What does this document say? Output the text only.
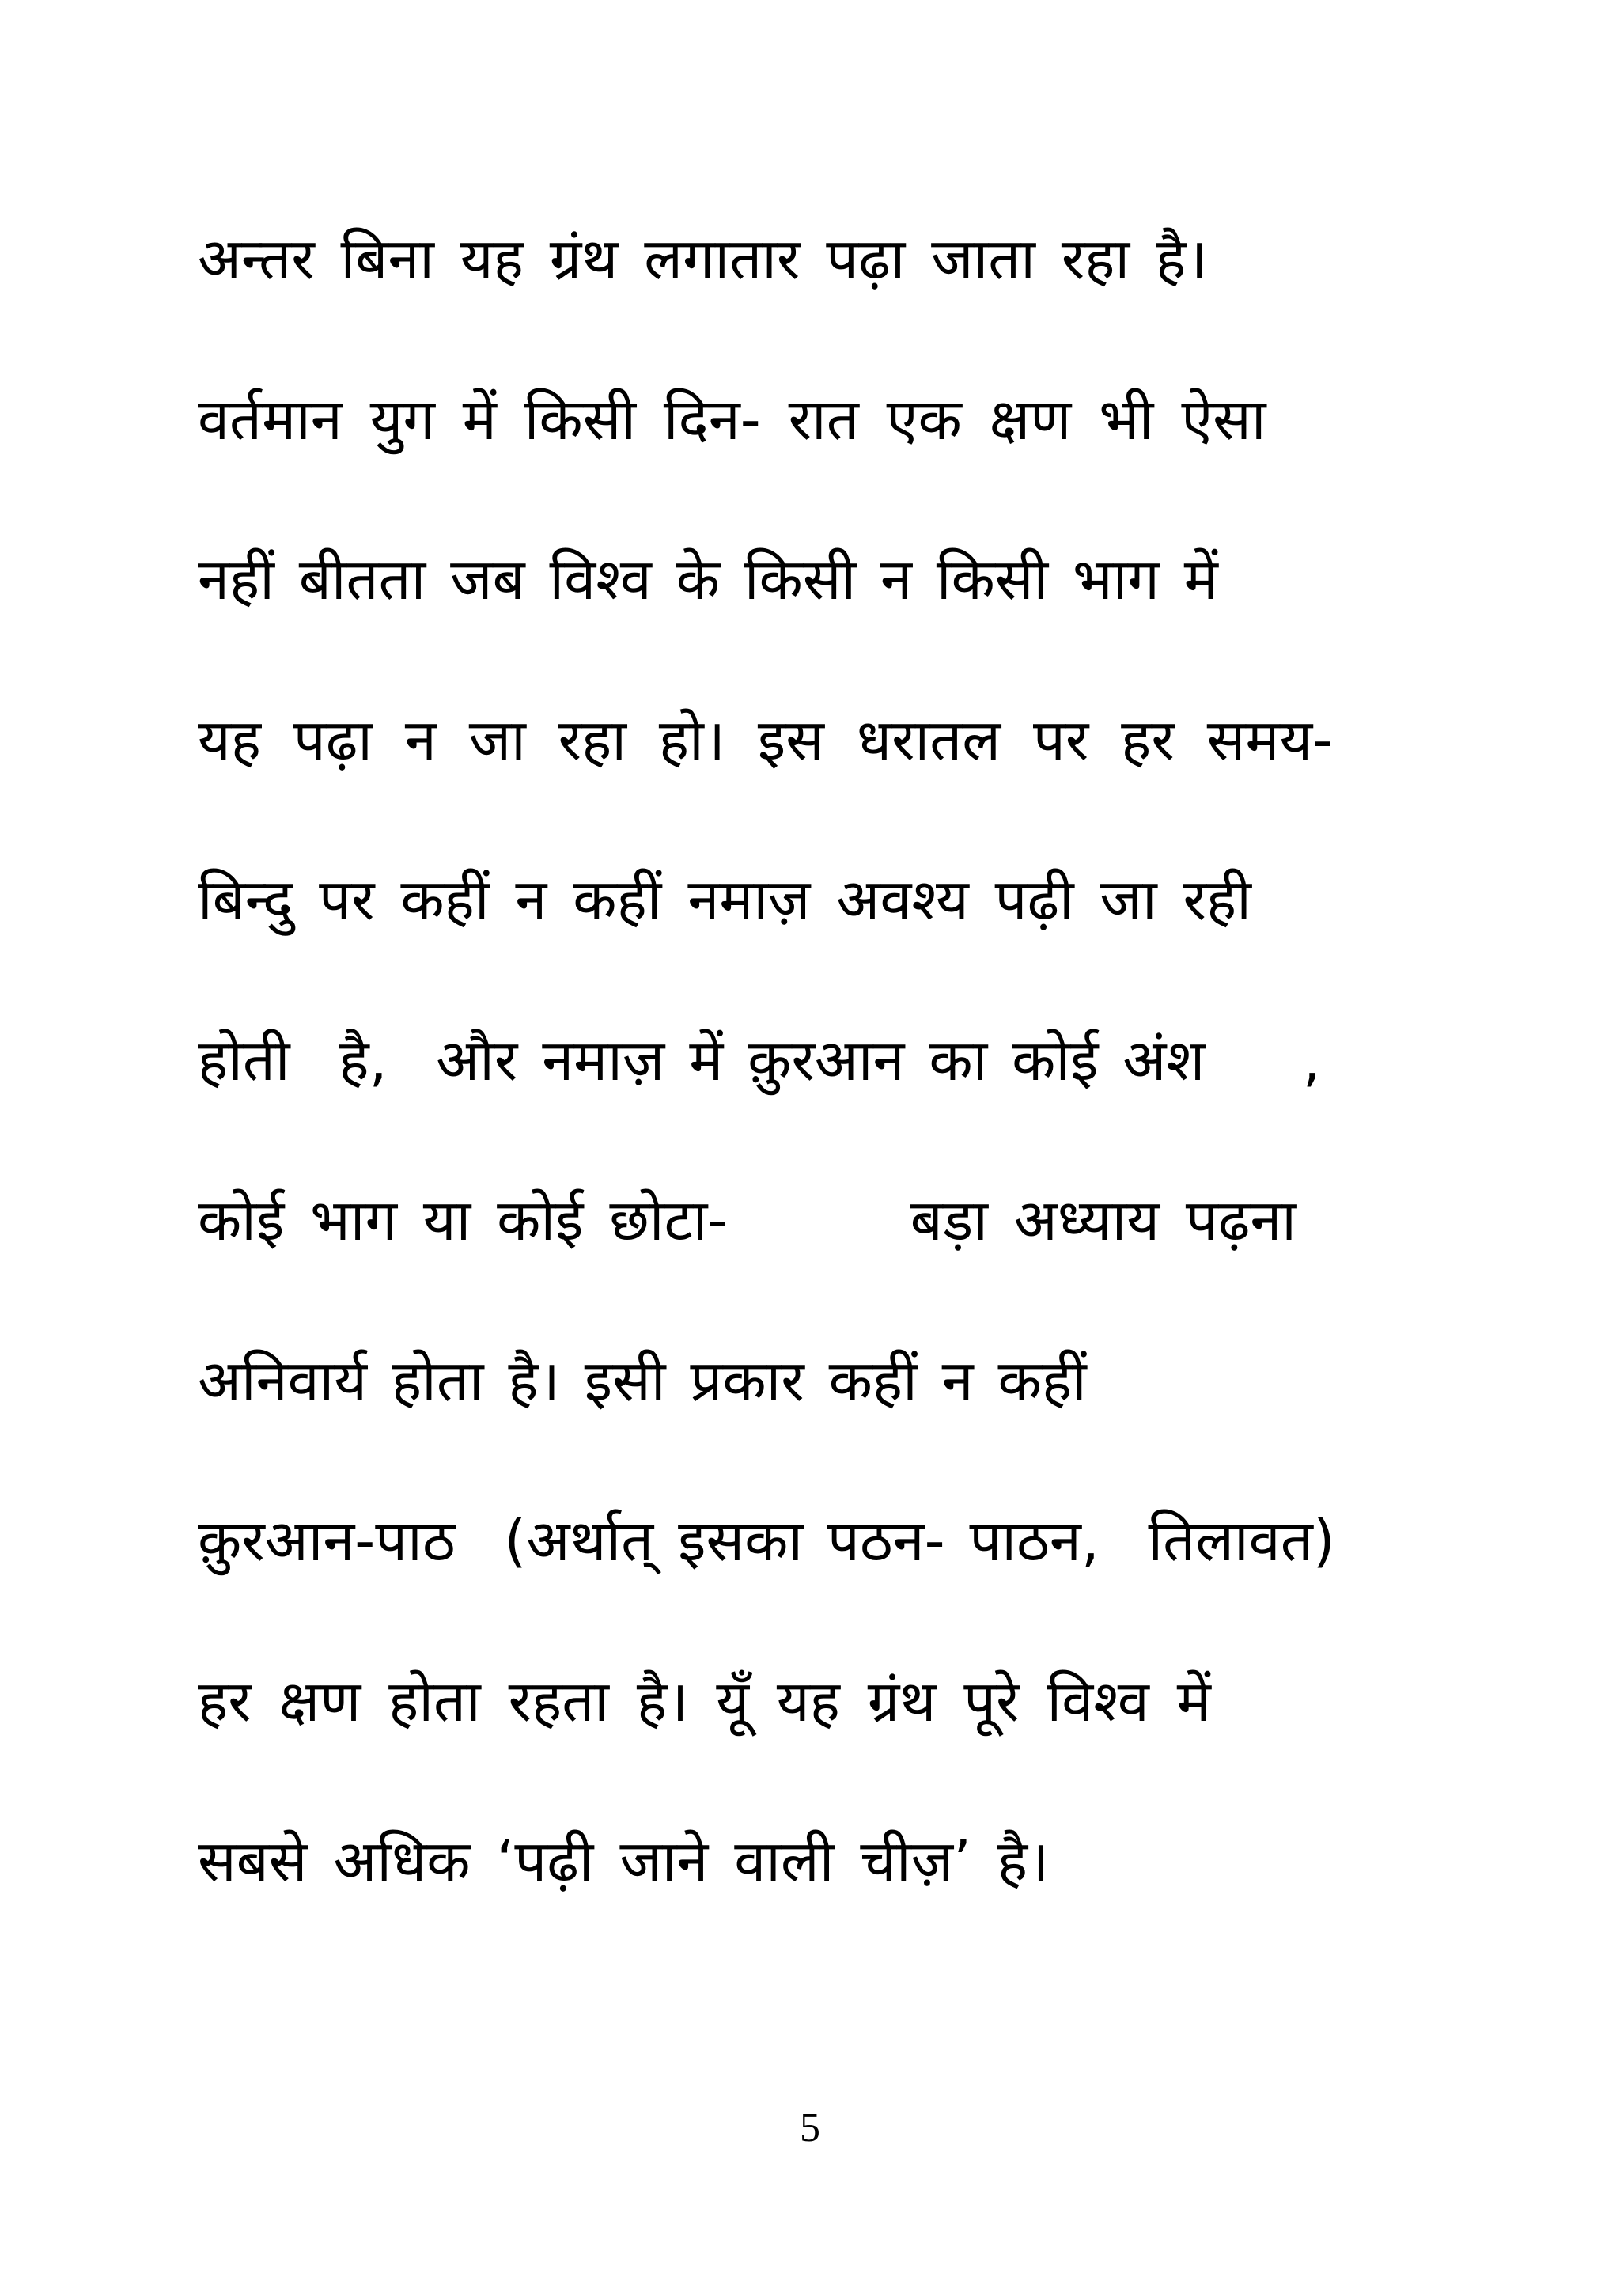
अन्तर बिना यह ग्रंथ लगातार पढ़ा जाता रहा है।
वर्तमान युग में किसी दिन- रात एक क्षण भी ऐसा
नहीं बीतता जब विश्व के किसी न किसी भाग में
यह पढ़ा न जा रहा हो। इस धरातल पर हर समय-
बिन्दु पर कहीं न कहीं नमाज़ अवश्य पढ़ी जा रही
होती  है,  और नमाज़ में क़ुरआन का कोई अंश    ,
कोई भाग या कोई छोटा-       बड़ा अध्याय पढ़ना
अनिवार्य होता है। इसी प्रकार कहीं न कहीं
क़ुरआन-पाठ  (अर्थात् इसका पठन- पाठन,  तिलावत)
हर क्षण होता रहता है। यूँ यह ग्रंथ पूरे विश्व में
सबसे अधिक ‘पढ़ी जाने वाली चीज़’ है।
5
